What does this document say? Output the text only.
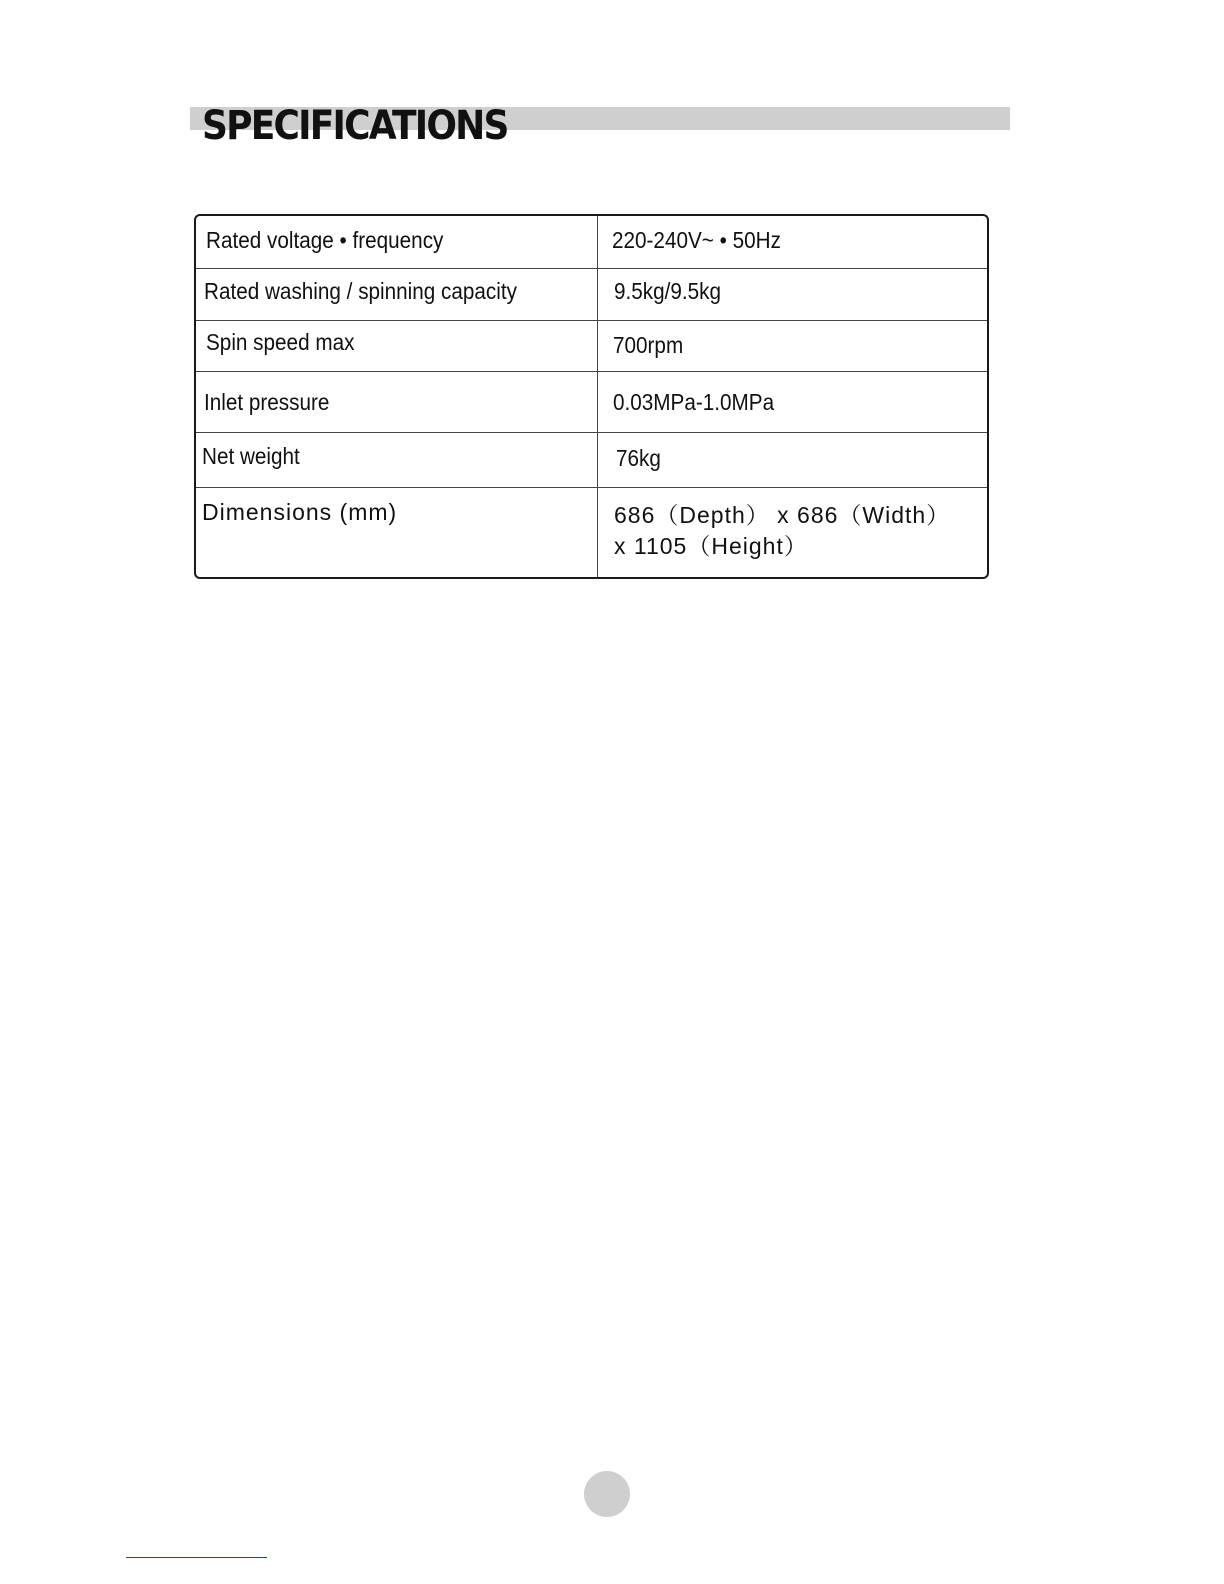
SPECIFICATIONS
Rated voltage • frequency	220-240V~ • 50Hz
Rated washing / spinning capacity	9.5kg/9.5kg
Spin speed max	700rpm
Inlet pressure	0.03MPa-1.0MPa
Net weight	76kg
Dimensions (mm)	686（Depth） x 686（Width）
x 1105（Height）
